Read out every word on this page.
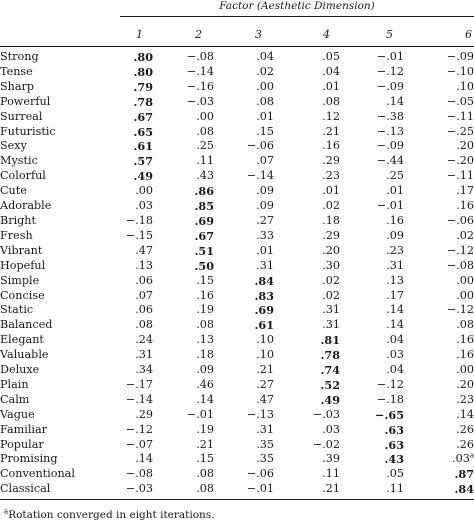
Factor (Aesthetic Dimension)
1	2	3	4	5	6
Strong	.80	−.08	.04	.05	−.01	−.09
Tense	.80	−.14	.02	.04	−.12	−.10
Sharp	.79	−.16	.00	.01	−.09	.10
Powerful	.78	−.03	.08	.08	.14	−.05
Surreal	.67	.00	.01	.12	−.38	−.11
Futuristic	.65	.08	.15	.21	−.13	−.25
Sexy	.61	.25	−.06	.16	−.09	.20
Mystic	.57	.11	.07	.29	−.44	−.20
Colorful	.49	.43	−.14	.23	.25	−.11
Cute	.00	.86	.09	.01	.01	.17
Adorable	.03	.85	.09	.02	−.01	.16
Bright	−.18	.69	.27	.18	.16	−.06
Fresh	−.15	.67	.33	.29	.09	.02
Vibrant	.47	.51	.01	.20	.23	−.12
Hopeful	.13	.50	.31	.30	.31	−.08
Simple	.06	.15	.84	.02	.13	.00
Concise	.07	.16	.83	.02	.17	.00
Static	.06	.19	.69	.31	.14	−.12
Balanced	.08	.08	.61	.31	.14	.08
Elegant	.24	.13	.10	.81	.04	.16
Valuable	.31	.18	.10	.78	.03	.16
Deluxe	.34	.09	.21	.74	.04	.00
Plain	−.17	.46	.27	.52	−.12	.20
Calm	−.14	.14	.47	.49	−.18	.23
Vague	.29	−.01	−.13	−.03	−.65	.14
Familiar	−.12	.19	.31	.03	.63	.26
Popular	−.07	.21	.35	−.02	.63	.26
Promising	.14	.15	.35	.39	.43	.03$^a$
Conventional	−.08	.08	−.06	.11	.05	.87
Classical	−.03	.08	−.01	.21	.11	.84
$^a$Rotation converged in eight iterations.
